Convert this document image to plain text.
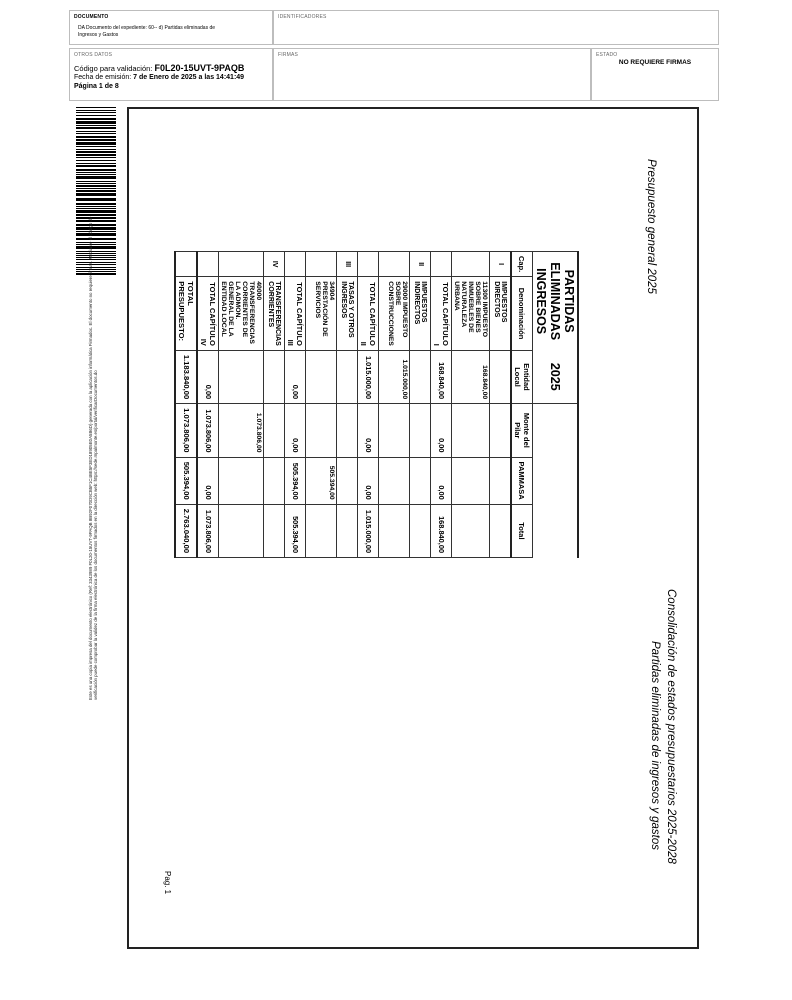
DOCUMENTO
DA Documento del expediente: 60-- d) Partidas eliminadas de
Ingresos y Gastos
IDENTIFICADORES
OTROS DATOS
Código para validación: F0L20-15UVT-9PAQB
Fecha de emisión: 7 de Enero de 2025 a las 14:41:49
Página 1 de 8
FIRMAS	ESTADO
NO REQUIERE FIRMAS
Este es una copia impresa del documento electrónico (Ref: 3343989 F0L20-15UVT-9PAQB 8B92F070D9CB5F1C4BE5F3ED18905E0A5B6D) generada con la aplicación informática Firmadoc. El documento no requiere firmas. Mediante el código de verificación puede comprobar la validez de la firma electrónica de los documentos firmados en la dirección web: https://sede.mpalmonte.es/portal/verificarDocumentos.do
Presupuesto general 2025
Consolidación de estados presupuestarios 2025-2028
Partidas eliminadas de ingresos y gastos
Pag. 1
PARTIDAS ELIMINADAS INGRESOS		2025			
Cap.	Denominación	Entidad Local	Monte del Pilar	PAMMASA	Total
I	IMPUESTOS DIRECTOS				
	11300 IMPUESTO SOBRE BIENES INMUEBLES DE NATURALEZA URBANA	168.840,00			
	TOTAL CAPÍTULO I	168.840,00	0,00	0,00	168.840,00
II	IMPUESTOS INDIRECTOS				
	29000 IMPUESTO SOBRE CONSTRUCCIONES	1.015.000,00			
	TOTAL CAPÍTULO II	1.015.000,00	0,00	0,00	1.015.000,00
III	TASAS Y OTROS INGRESOS				
	34904 PRESTACIÓN DE SERVICIOS			505.394,00	
	TOTAL CAPÍTULO III	0,00	0,00	505.394,00	505.394,00
IV	TRANSFERENCIAS CORRIENTES				
	40000 TRANSFERENCIAS CORRIENTES DE LA ADMON. GENERAL DE LA ENTIDAD LOCAL		1.073.806,00		
	TOTAL CAPÍTULO IV	0,00	1.073.806,00	0,00	1.073.806,00
	TOTAL PRESUPUESTO:	1.183.840,00	1.073.806,00	505.394,00	2.763.040,00
